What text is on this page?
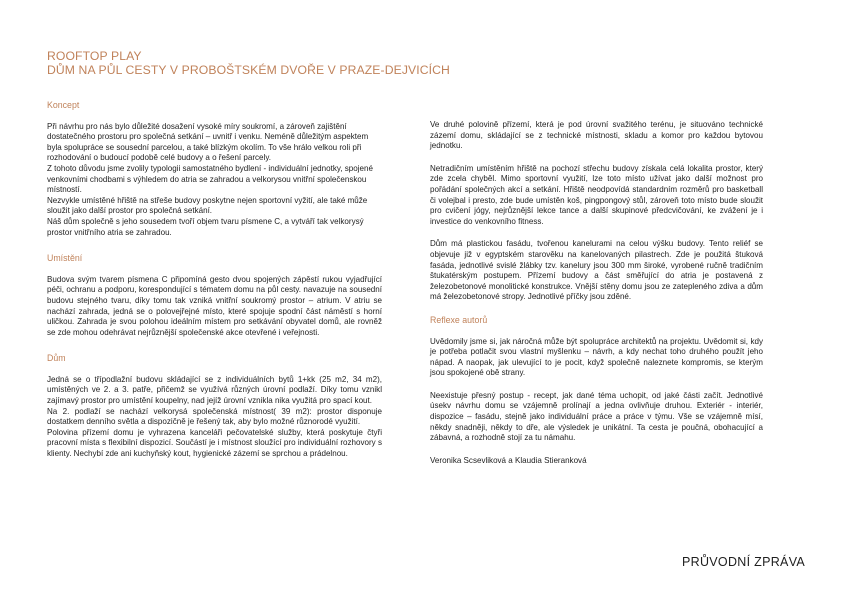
ROOFTOP PLAY
DŮM NA PŮL CESTY V PROBOŠTSKÉM DVOŘE V PRAZE-DEJVICÍCH
Koncept

Při návrhu pro nás bylo důležité dosažení vysoké míry soukromí, a zároveň zajištění dostatečného prostoru pro společná setkání – uvnitř i venku. Neméně důležitým aspektem byla spolupráce se sousední parcelou, a také blízkým okolím. To vše hrálo velkou roli při rozhodování o budoucí podobě celé budovy a o řešení parcely.

Z tohoto důvodu jsme zvolily typologii samostatného bydlení - individuální jednotky, spojené venkovními chodbami s výhledem do atria se zahradou a velkorysou vnitřní společenskou místností.

Nezvykle umístěné hřiště na střeše budovy poskytne nejen sportovní vyžití, ale také může sloužit jako další prostor pro společná setkání.

Náš dům společně s jeho sousedem tvoří objem tvaru písmene C, a vytváří tak velkorysý prostor vnitřního atria se zahradou.

Umístění

Budova svým tvarem písmena C připomíná gesto dvou spojených zápěstí rukou vyjadřující péči, ochranu a podporu, korespondující s tématem domu na půl cesty. navazuje na sousední budovu stejného tvaru, díky tomu tak vzniká vnitřní soukromý prostor – atrium. V atriu se nachází zahrada, jedná se o polovejřejné místo, které spojuje spodní část náměstí s horní uličkou. Zahrada je svou polohou ideálním místem pro setkávání obyvatel domů, ale rovněž se zde mohou odehrávat nejrůznější společenské akce otevřené i veřejnosti.

Dům

Jedná se o třípodlažní budovu skládající se z individuálních bytů 1+kk (25 m2, 34 m2), umístěných ve 2. a 3. patře, přičemž se využívá různých úrovní podlaží. Díky tomu vznikl zajímavý prostor pro umístění koupelny, nad jejíž úrovní vznikla nika využitá pro spací kout.

Na 2. podlaží se nachází velkorysá společenská místnost( 39 m2): prostor disponuje dostatkem denního světla a dispozičně je řešený tak, aby bylo možné různorodé využití.

Polovina přízemí domu je vyhrazena kanceláři pečovatelské služby, která poskytuje čtyři pracovní místa s flexibilní dispozicí. Součástí je i místnost sloužící pro individuální rozhovory s klienty. Nechybí zde ani kuchyňský kout, hygienické zázemí se sprchou a prádelnou.

Ve druhé polovině přízemí, která je pod úrovní svažitého terénu, je situováno technické zázemí domu, skládající se z technické místnosti, skladu a komor pro každou bytovou jednotku.

Netradičním umístěním hřiště na pochozí střechu budovy získala celá lokalita prostor, který zde zcela chyběl. Mimo sportovní využití, lze toto místo užívat jako další možnost pro pořádání společných akcí a setkání. Hřiště neodpovídá standardním rozměrů pro basketball či volejbal i presto, zde bude umístěn koš, pingpongový stůl, zároveň toto místo bude sloužit pro cvičení jógy, nejrůznější lekce tance a další skupinové předcvičování, ke zvážení je i investice do venkovního fitness.

Dům má plastickou fasádu, tvořenou kanelurami na celou výšku budovy. Tento reliéf se objevuje již v egyptském starověku na kanelovaných pilastrech. Zde je použitá štuková fasáda, jednotlivé svislé žlábky tzv. kanelury jsou 300 mm široké, vyrobené ručně tradičním štukatérským postupem. Přízemí budovy a část směřující do atria je postavená z železobetonové monolitické konstrukce. Vnější stěny domu jsou ze zatepleného zdiva a dům má železobetonové stropy. Jednotlivé příčky jsou zděné.

Reflexe autorů

Uvědomily jsme si, jak náročná může být spolupráce architektů na projektu. Uvědomit si, kdy je potřeba potlačit svou vlastní myšlenku – návrh, a kdy nechat toho druhého použít jeho nápad. A naopak, jak ulevující to je pocit, když společně naleznete kompromis, se kterým jsou spokojené obě strany.

Neexistuje přesný postup - recept, jak dané téma uchopit, od jaké části začít. Jednotlivé úsekv návrhu domu se vzájemně prolínají a jedna ovlivňuje druhou. Exteriér - interiér, dispozice – fasádu, stejně jako individuální práce a práce v týmu. Vše se vzájemně mísí, někdy snadněji, někdy to dře, ale výsledek je unikátní. Ta cesta je poučná, obohacující a zábavná, a rozhodně stojí za tu námahu.

Veronika Scsevliková a Klaudia Stieranková

PRŮVODNÍ ZPRÁVA
